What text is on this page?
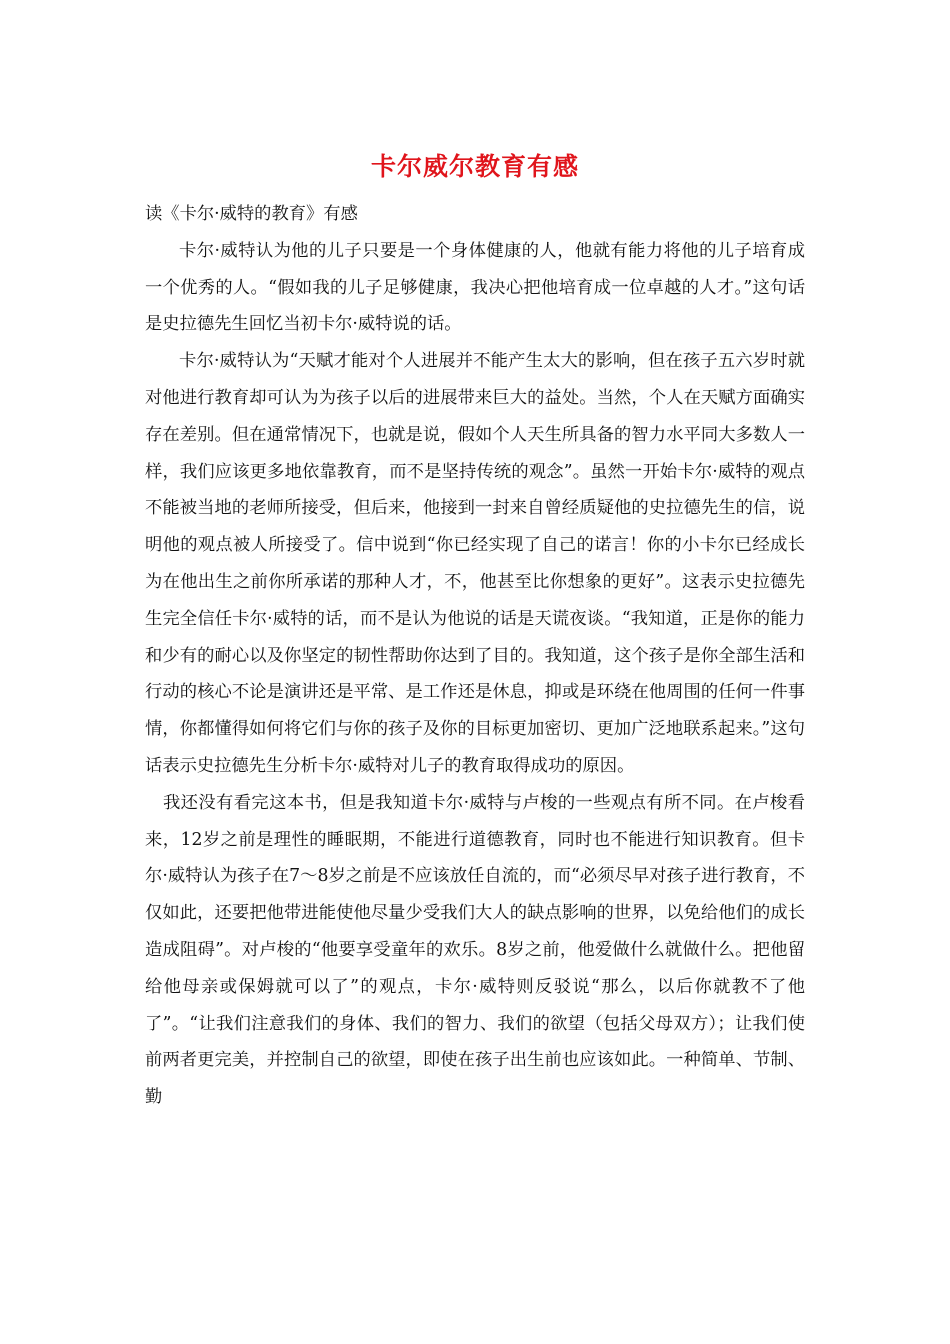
卡尔威尔教育有感

读《卡尔·威特的教育》有感

卡尔·威特认为他的儿子只要是一个身体健康的人，他就有能力将他的儿子培育成一个优秀的人。“假如我的儿子足够健康，我决心把他培育成一位卓越的人才。”这句话是史拉德先生回忆当初卡尔·威特说的话。

卡尔·威特认为“天赋才能对个人进展并不能产生太大的影响，但在孩子五六岁时就对他进行教育却可认为为孩子以后的进展带来巨大的益处。当然，个人在天赋方面确实存在差别。但在通常情况下，也就是说，假如个人天生所具备的智力水平同大多数人一样，我们应该更多地依靠教育，而不是坚持传统的观念”。虽然一开始卡尔·威特的观点不能被当地的老师所接受，但后来，他接到一封来自曾经质疑他的史拉德先生的信，说明他的观点被人所接受了。信中说到“你已经实现了自己的诺言！你的小卡尔已经成长为在他出生之前你所承诺的那种人才，不，他甚至比你想象的更好”。这表示史拉德先生完全信任卡尔·威特的话，而不是认为他说的话是天谎夜谈。“我知道，正是你的能力和少有的耐心以及你坚定的韧性帮助你达到了目的。我知道，这个孩子是你全部生活和行动的核心不论是演讲还是平常、是工作还是休息，抑或是环绕在他周围的任何一件事情，你都懂得如何将它们与你的孩子及你的目标更加密切、更加广泛地联系起来。”这句话表示史拉德先生分析卡尔·威特对儿子的教育取得成功的原因。

我还没有看完这本书，但是我知道卡尔·威特与卢梭的一些观点有所不同。在卢梭看来，12岁之前是理性的睡眠期，不能进行道德教育，同时也不能进行知识教育。但卡尔·威特认为孩子在7～8岁之前是不应该放任自流的，而“必须尽早对孩子进行教育，不仅如此，还要把他带进能使他尽量少受我们大人的缺点影响的世界，以免给他们的成长造成阻碍”。对卢梭的“他要享受童年的欢乐。8岁之前，他爱做什么就做什么。把他留给他母亲或保姆就可以了”的观点，卡尔·威特则反驳说“那么，以后你就教不了他了”。“让我们注意我们的身体、我们的智力、我们的欲望（包括父母双方）；让我们使前两者更完美，并控制自己的欲望，即使在孩子出生前也应该如此。一种简单、节制、勤
